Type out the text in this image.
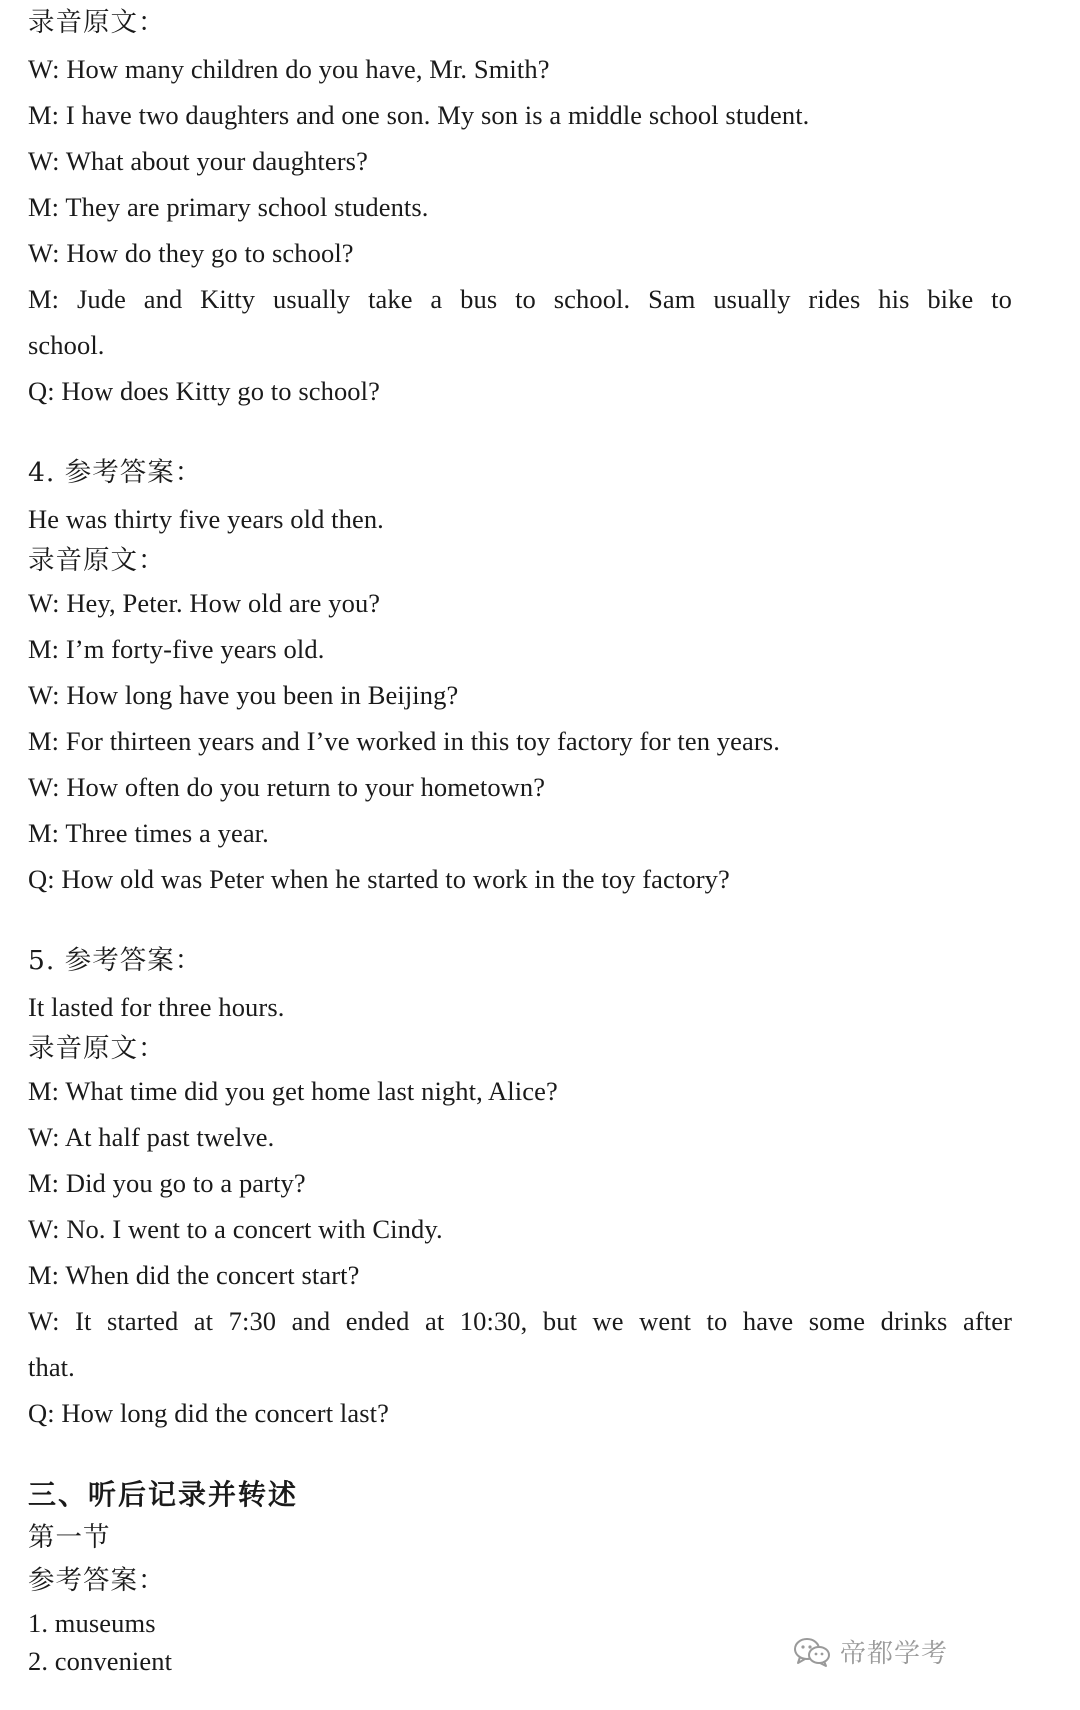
录音原文：
W: How many children do you have, Mr. Smith?
M: I have two daughters and one son. My son is a middle school student.
W: What about your daughters?
M: They are primary school students.
W: How do they go to school?
M: Jude and Kitty usually take a bus to school. Sam usually rides his bike to
school.
Q: How does Kitty go to school?
4. 参考答案：
He was thirty five years old then.
录音原文：
W: Hey, Peter. How old are you?
M: I’m forty-five years old.
W: How long have you been in Beijing?
M: For thirteen years and I’ve worked in this toy factory for ten years.
W: How often do you return to your hometown?
M: Three times a year.
Q: How old was Peter when he started to work in the toy factory?
5. 参考答案：
It lasted for three hours.
录音原文：
M: What time did you get home last night, Alice?
W: At half past twelve.
M: Did you go to a party?
W: No. I went to a concert with Cindy.
M: When did the concert start?
W: It started at 7:30 and ended at 10:30, but we went to have some drinks after
that.
Q: How long did the concert last?
三、听后记录并转述
第一节
参考答案：
1. museums
2. convenient	帝都学考
